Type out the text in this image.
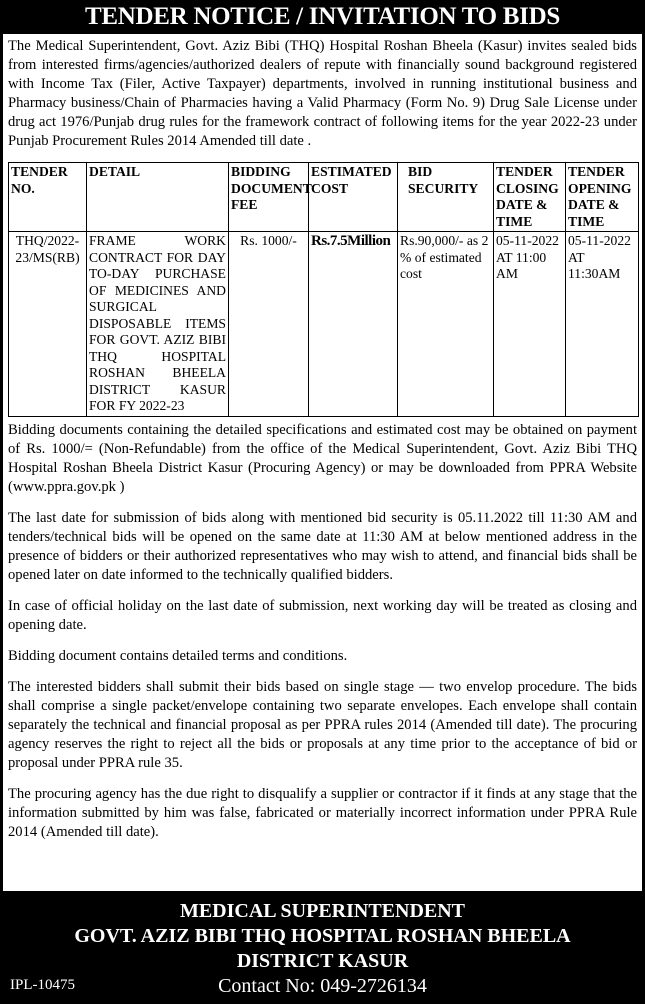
TENDER NOTICE / INVITATION TO BIDS

The Medical Superintendent, Govt. Aziz Bibi (THQ) Hospital Roshan Bheela (Kasur) invites sealed bids from interested firms/agencies/authorized dealers of repute with financially sound background registered with Income Tax (Filer, Active Taxpayer) departments, involved in running institutional business and Pharmacy business/Chain of Pharmacies having a Valid Pharmacy (Form No. 9) Drug Sale License under drug act 1976/Punjab drug rules for the framework contract of following items for the year 2022-23 under Punjab Procurement Rules 2014 Amended till date .

TENDER NO.	DETAIL	BIDDING DOCUMENT FEE	ESTIMATED COST	BID SECURITY	TENDER CLOSING DATE & TIME	TENDER OPENING DATE & TIME
THQ/2022-23/MS(RB)	FRAME WORK CONTRACT FOR DAY TO-DAY PURCHASE OF MEDICINES AND SURGICAL DISPOSABLE ITEMS FOR GOVT. AZIZ BIBI THQ HOSPITAL ROSHAN BHEELA DISTRICT KASUR FOR FY 2022-23	Rs. 1000/-	Rs.7.5Million	Rs.90,000/- as 2 % of estimated cost	05-11-2022 AT 11:00 AM	05-11-2022 AT 11:30AM

Bidding documents containing the detailed specifications and estimated cost may be obtained on payment of Rs. 1000/= (Non-Refundable) from the office of the Medical Superintendent, Govt. Aziz Bibi THQ Hospital Roshan Bheela District Kasur (Procuring Agency) or may be downloaded from PPRA Website (www.ppra.gov.pk )

The last date for submission of bids along with mentioned bid security is 05.11.2022 till 11:30 AM and tenders/technical bids will be opened on the same date at 11:30 AM at below mentioned address in the presence of bidders or their authorized representatives who may wish to attend, and financial bids shall be opened later on date informed to the technically qualified bidders.

In case of official holiday on the last date of submission, next working day will be treated as closing and opening date.

Bidding document contains detailed terms and conditions.

The interested bidders shall submit their bids based on single stage — two envelop procedure. The bids shall comprise a single packet/envelope containing two separate envelopes. Each envelope shall contain separately the technical and financial proposal as per PPRA rules 2014 (Amended till date). The procuring agency reserves the right to reject all the bids or proposals at any time prior to the acceptance of bid or proposal under PPRA rule 35.

The procuring agency has the due right to disqualify a supplier or contractor if it finds at any stage that the information submitted by him was false, fabricated or materially incorrect information under PPRA Rule 2014 (Amended till date).

MEDICAL SUPERINTENDENT
GOVT. AZIZ BIBI THQ HOSPITAL ROSHAN BHEELA
DISTRICT KASUR
Contact No: 049-2726134
IPL-10475
